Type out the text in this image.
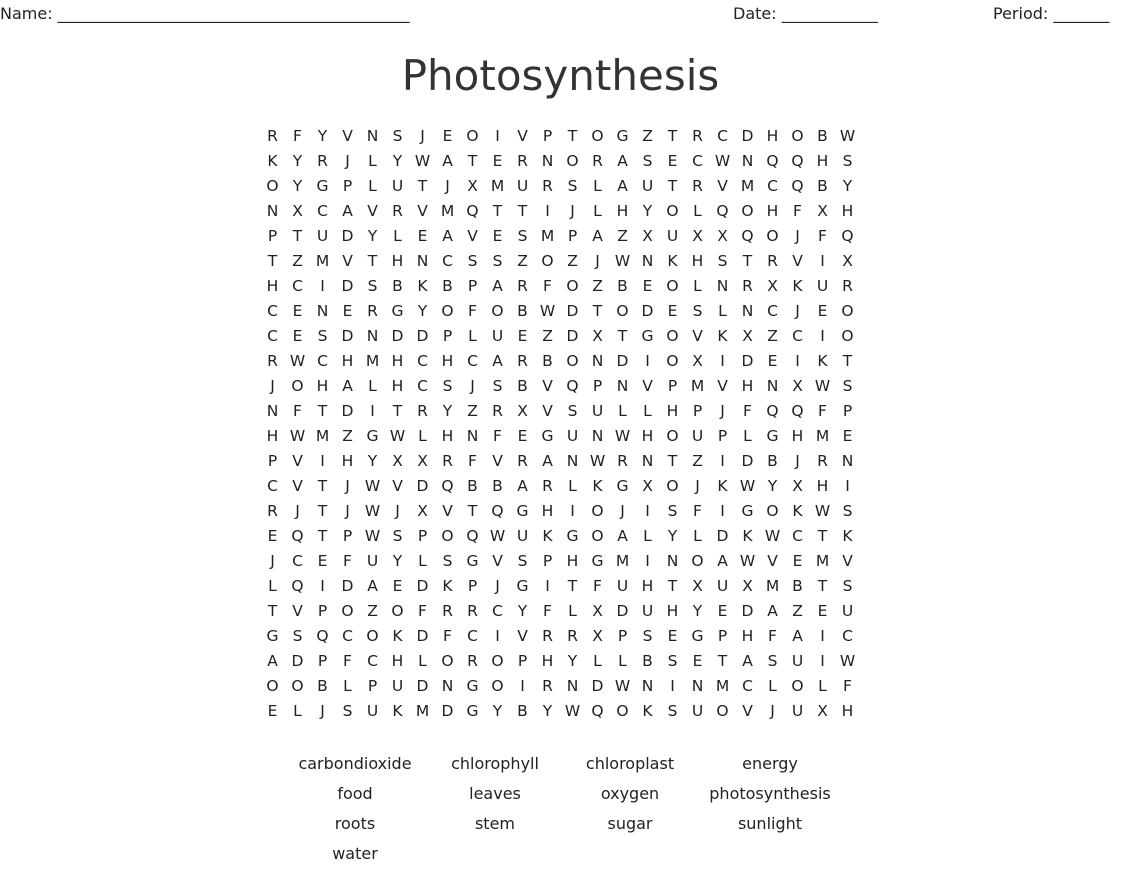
Name: ____________________________________________	Date: ____________	Period: _______
Photosynthesis
R F	Y V N S	J	E O	I	V P	T O G Z T R C D H O B W
K Y R	J	L	Y W A T E R N O R A S E C W N Q Q H S
O Y G P	L U T	J	X M U R S	L A U T R V M C Q B Y
N X C A V R V M Q T	T	I	J	L H Y O L Q O H F X H
P	T U D Y	L	E A V E S M P A Z X U X X Q O	J	F Q
T Z M V T H N C S S Z O Z	J W N K H S T R V	I	X
H C	I	D S B K B P A R F O Z B E O L N R X K U R
C E N E R G Y O F O B W D T O D E S	L N C	J	E O
C E S D N D D P	L U E Z D X T G O V K X Z C	I	O
R W C H M H C H C A R B O N D	I	O X	I	D E	I	K T
J	O H A L H C S	J	S B V Q P N V P M V H N X W S
N F	T D	I	T R Y Z R X V S U L	L H P	J	F Q Q F	P
H W M Z G W L H N F	E G U N W H O U P	L G H M E
P V	I	H Y X X R F V R A N W R N T Z	I	D B	J	R N
C V T	J W V D Q B B A R L	K G X O	J	K W Y X H	I
R	J	T	J W J	X V T Q G H	I	O	J	I	S	F	I	G O K W S
E Q T	P W S P O Q W U K G O A L	Y	L D K W C T K
J	C E	F U Y	L	S G V S P H G M	I	N O A W V E M V
L Q	I	D A E D K P	J	G	I	T	F U H T X U X M B T S
T V P O Z O F R R C Y	F	L X D U H Y E D A Z E U
G S Q C O K D F C	I	V R R X P S E G P H F A	I	C
A D P	F C H L O R O P H Y	L	L B S E T A S U	I W
O O B L	P U D N G O	I	R N D W N	I	N M C L O L	F
E	L	J	S U K M D G Y B Y W Q O K S U O V	J	U X H
carbondioxide	chlorophyll	chloroplast	energy
food	leaves	oxygen	photosynthesis
roots	stem	sugar	sunlight
water
